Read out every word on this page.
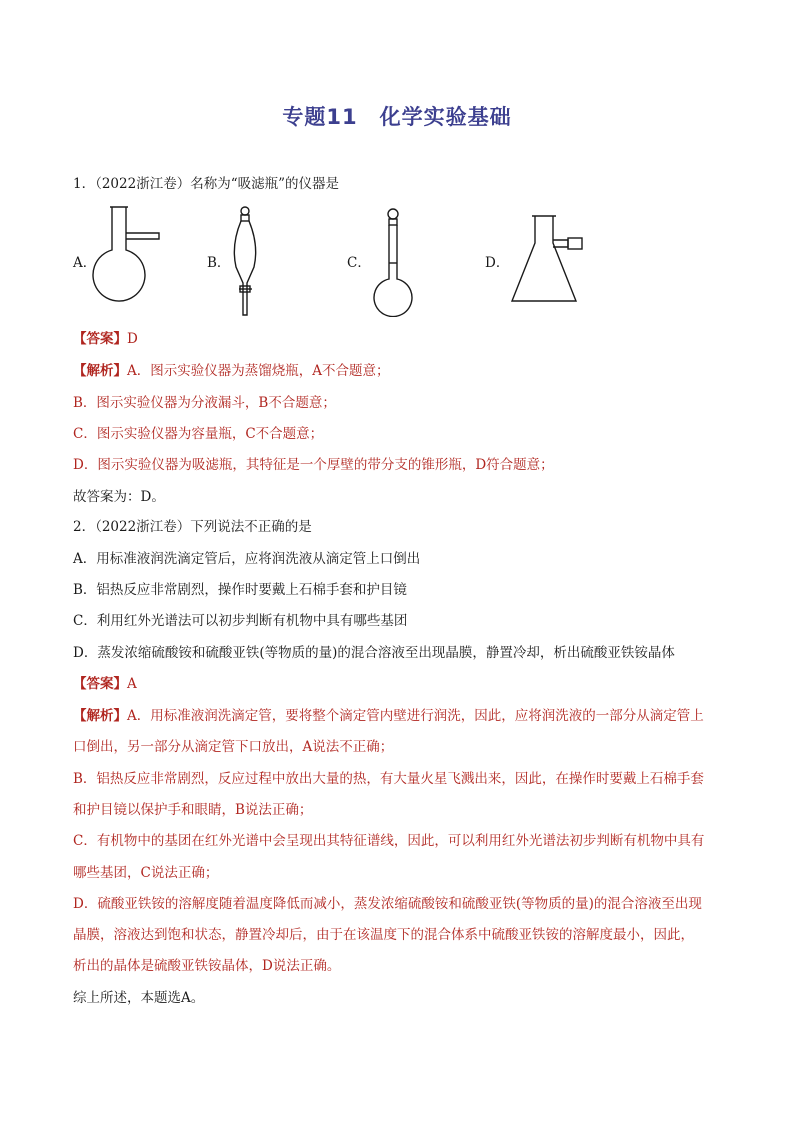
专题11　化学实验基础
1．（2022浙江卷）名称为“吸滤瓶”的仪器是
A．	B．	C．	D．
【答案】D
【解析】A．图示实验仪器为蒸馏烧瓶，A不合题意；
B．图示实验仪器为分液漏斗，B不合题意；
C．图示实验仪器为容量瓶，C不合题意；
D．图示实验仪器为吸滤瓶，其特征是一个厚壁的带分支的锥形瓶，D符合题意；
故答案为：D。
2．（2022浙江卷）下列说法不正确的是
A．用标准液润洗滴定管后，应将润洗液从滴定管上口倒出
B．铝热反应非常剧烈，操作时要戴上石棉手套和护目镜
C．利用红外光谱法可以初步判断有机物中具有哪些基团
D．蒸发浓缩硫酸铵和硫酸亚铁(等物质的量)的混合溶液至出现晶膜，静置冷却，析出硫酸亚铁铵晶体
【答案】A
【解析】A．用标准液润洗滴定管，要将整个滴定管内壁进行润洗，因此，应将润洗液的一部分从滴定管上
口倒出，另一部分从滴定管下口放出，A说法不正确；
B．铝热反应非常剧烈，反应过程中放出大量的热，有大量火星飞溅出来，因此，在操作时要戴上石棉手套
和护目镜以保护手和眼睛，B说法正确；
C．有机物中的基团在红外光谱中会呈现出其特征谱线，因此，可以利用红外光谱法初步判断有机物中具有
哪些基团，C说法正确；
D．硫酸亚铁铵的溶解度随着温度降低而减小，蒸发浓缩硫酸铵和硫酸亚铁(等物质的量)的混合溶液至出现
晶膜，溶液达到饱和状态，静置冷却后，由于在该温度下的混合体系中硫酸亚铁铵的溶解度最小，因此，
析出的晶体是硫酸亚铁铵晶体，D说法正确。
综上所述，本题选A。
